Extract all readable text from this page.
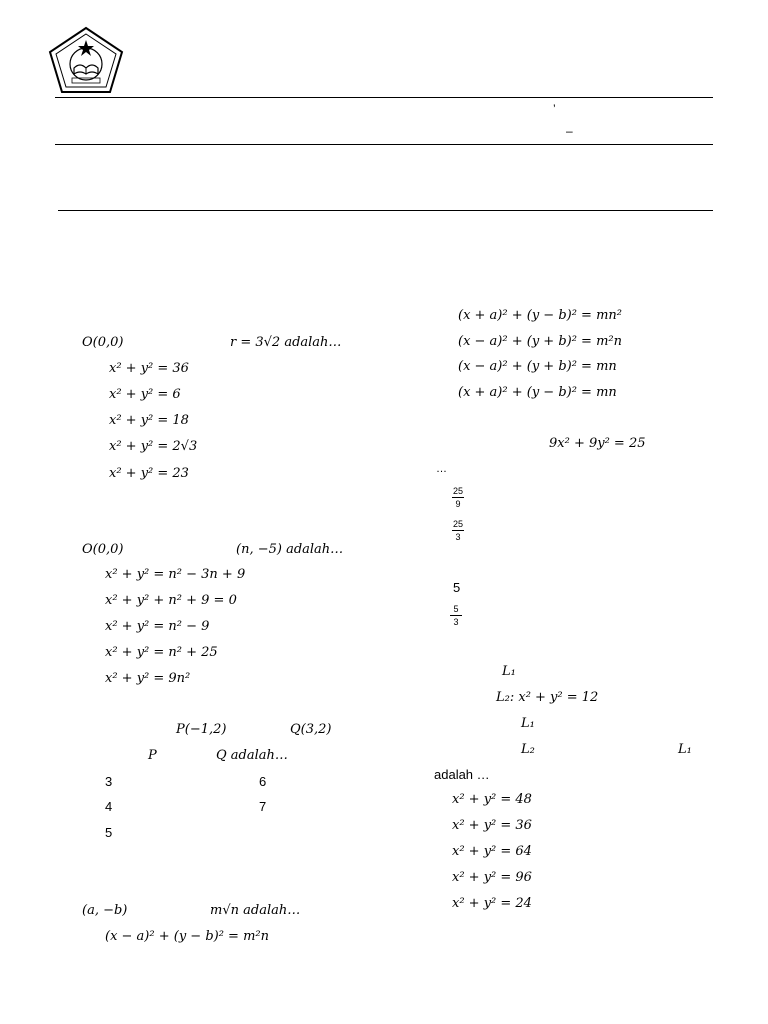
’
–
O(0,0)	r = 3√2 adalah…
x² + y² = 36
x² + y² = 6
x² + y² = 18
x² + y² = 2√3
x² + y² = 23
O(0,0)	(n, −5) adalah…
x² + y² = n² − 3n + 9
x² + y² + n² + 9 = 0
x² + y² = n² − 9
x² + y² = n² + 25
x² + y² = 9n²
P(−1,2)	Q(3,2)
P	Q adalah…
3	6
4	7
5
(a, −b)	m√n adalah…
(x − a)² + (y − b)² = m²n
(x + a)² + (y − b)² = mn²
(x − a)² + (y + b)² = m²n
(x − a)² + (y + b)² = mn
(x + a)² + (y − b)² = mn
9x² + 9y² = 25
…
25
9
25
3
5
5
3
L₁
L₂: x² + y² = 12
L₁
L₂	L₁
adalah …
x² + y² = 48
x² + y² = 36
x² + y² = 64
x² + y² = 96
x² + y² = 24
